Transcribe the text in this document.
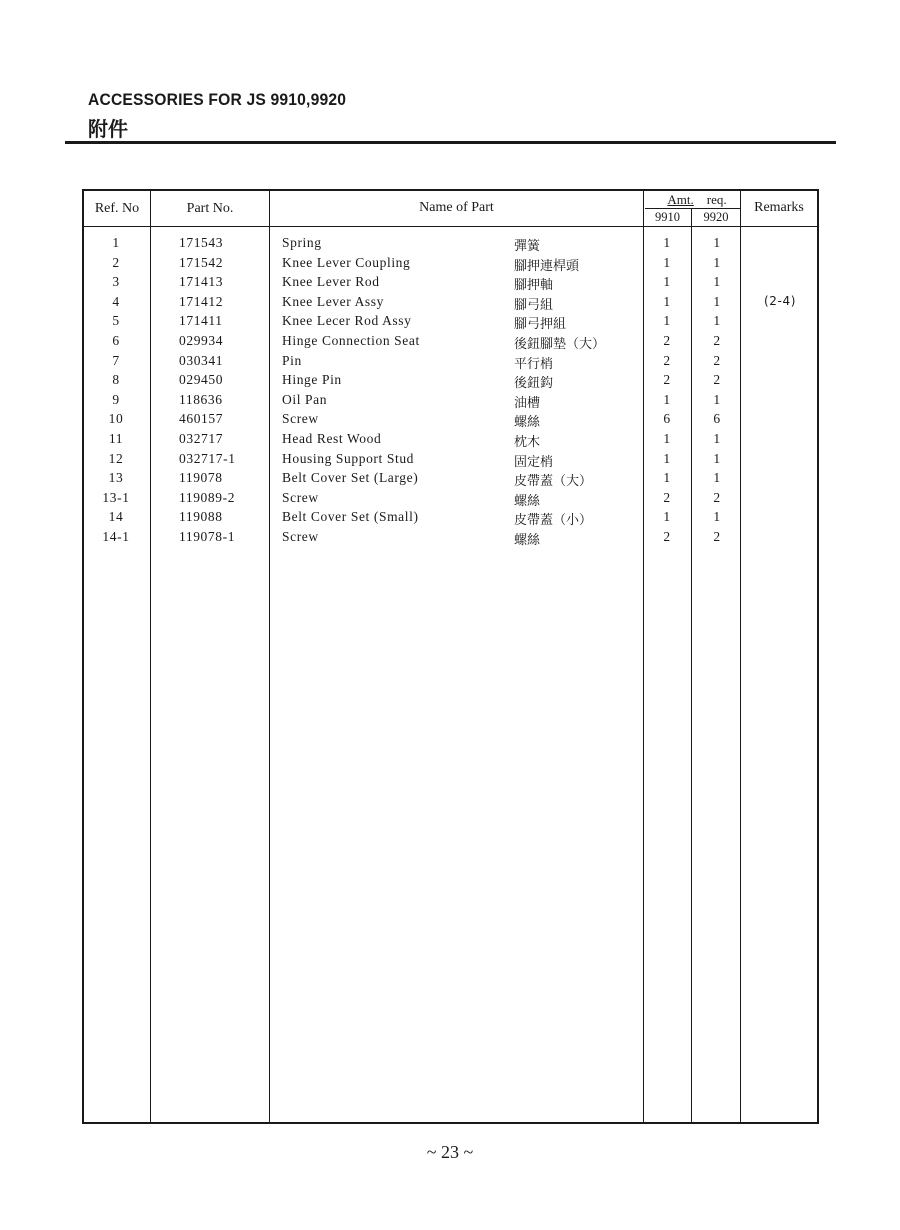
ACCESSORIES FOR JS 9910,9920
附件
Ref. No	Part No.	Name of Part
Amt. req.
9910	9920
Remarks
1	171543	Spring	彈簧	1	1
2	171542	Knee Lever Coupling	腳押連桿頭	1	1
3	171413	Knee Lever Rod	腳押軸	1	1
4	171412	Knee Lever Assy	腳弓組	1	1	(2-4)
5	171411	Knee Lecer Rod Assy	腳弓押組	1	1
6	029934	Hinge Connection Seat	後鈕腳墊（大）	2	2
7	030341	Pin	平行梢	2	2
8	029450	Hinge Pin	後鈕鈎	2	2
9	118636	Oil Pan	油槽	1	1
10	460157	Screw	螺絲	6	6
11	032717	Head Rest Wood	枕木	1	1
12	032717-1	Housing Support Stud	固定梢	1	1
13	119078	Belt Cover Set (Large)	皮帶蓋（大）	1	1
13-1	119089-2	Screw	螺絲	2	2
14	119088	Belt Cover Set (Small)	皮帶蓋（小）	1	1
14-1	119078-1	Screw	螺絲	2	2
~ 23 ~
